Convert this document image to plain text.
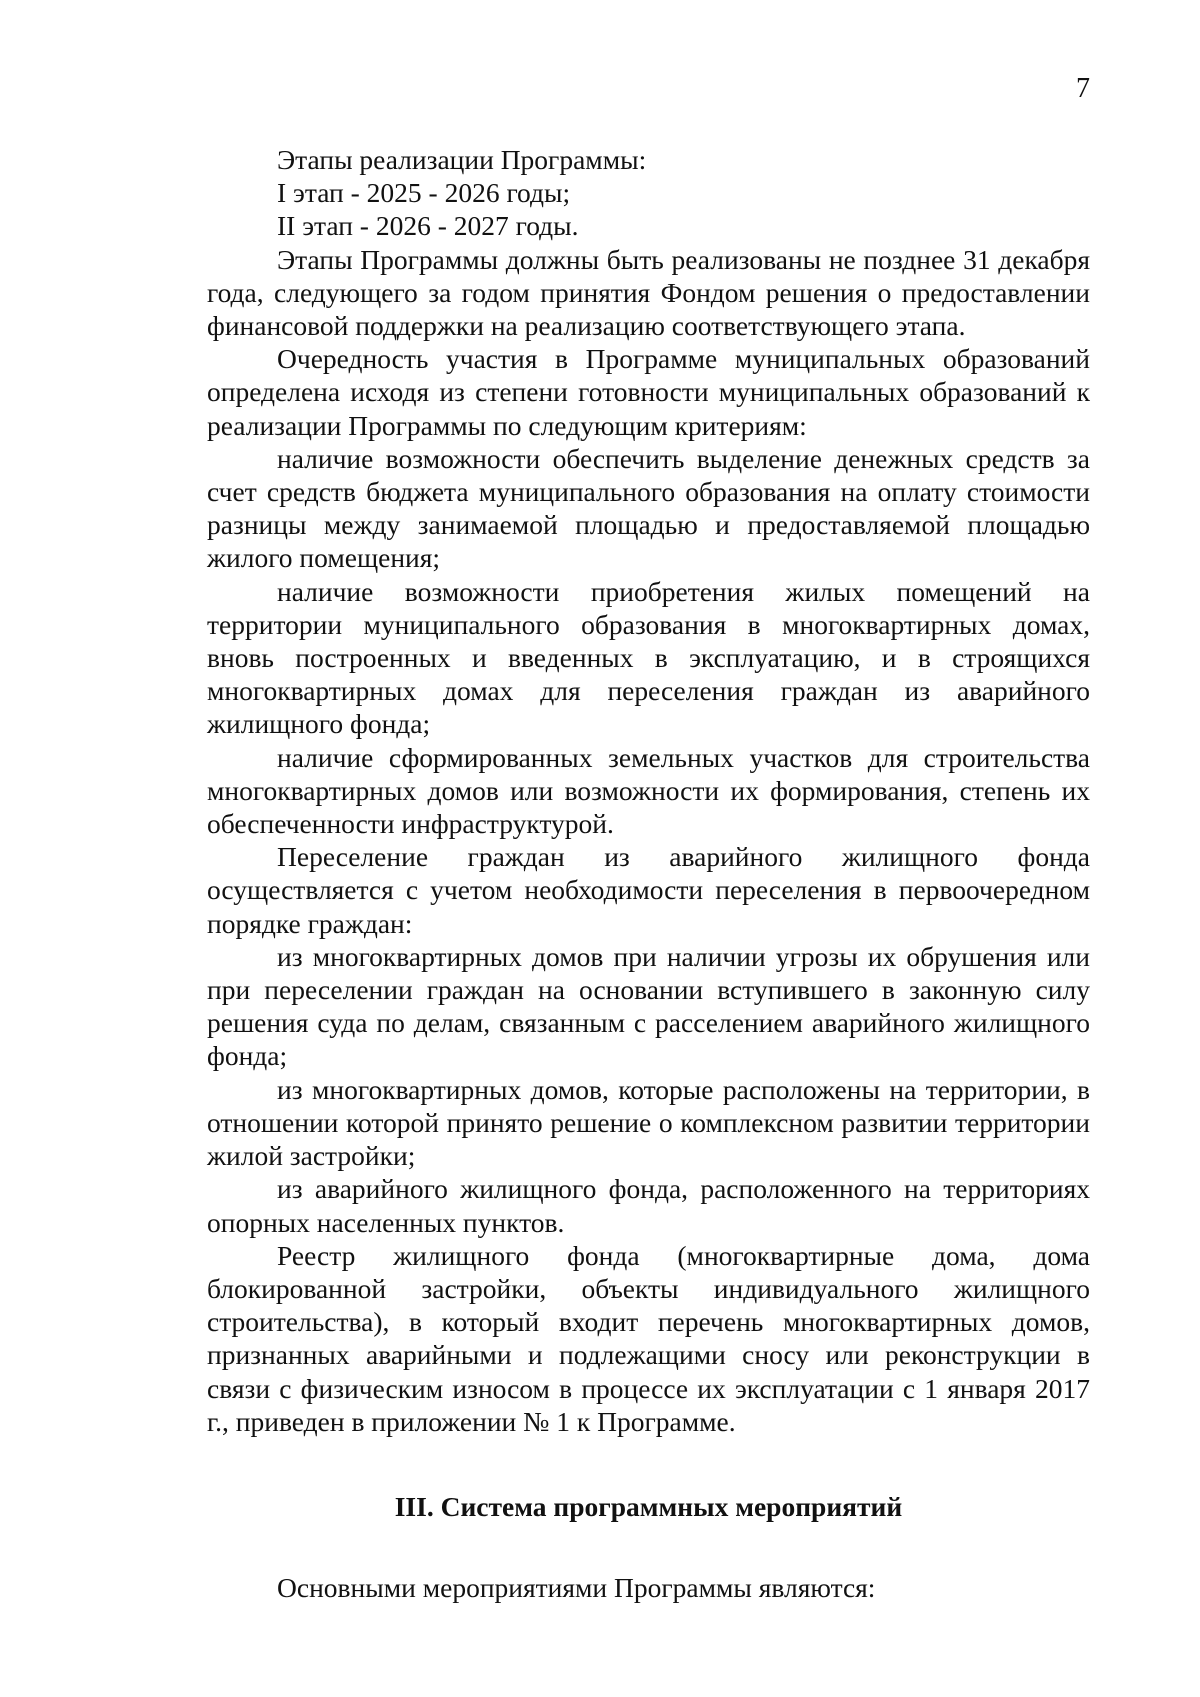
7
Этапы реализации Программы:
I этап - 2025 - 2026 годы;
II этап - 2026 - 2027 годы.

Этапы Программы должны быть реализованы не позднее 31 декабря года, следующего за годом принятия Фондом решения о предоставлении финансовой поддержки на реализацию соответствующего этапа.

Очередность участия в Программе муниципальных образований определена исходя из степени готовности муниципальных образований к реализации Программы по следующим критериям:

наличие возможности обеспечить выделение денежных средств за счет средств бюджета муниципального образования на оплату стоимости разницы между занимаемой площадью и предоставляемой площадью жилого помещения;

наличие возможности приобретения жилых помещений на территории муниципального образования в многоквартирных домах, вновь построенных и введенных в эксплуатацию, и в строящихся многоквартирных домах для переселения граждан из аварийного жилищного фонда;

наличие сформированных земельных участков для строительства многоквартирных домов или возможности их формирования, степень их обеспеченности инфраструктурой.

Переселение граждан из аварийного жилищного фонда осуществляется с учетом необходимости переселения в первоочередном порядке граждан:

из многоквартирных домов при наличии угрозы их обрушения или при переселении граждан на основании вступившего в законную силу решения суда по делам, связанным с расселением аварийного жилищного фонда;

из многоквартирных домов, которые расположены на территории, в отношении которой принято решение о комплексном развитии территории жилой застройки;

из аварийного жилищного фонда, расположенного на территориях опорных населенных пунктов.

Реестр жилищного фонда (многоквартирные дома, дома блокированной застройки, объекты индивидуального жилищного строительства), в который входит перечень многоквартирных домов, признанных аварийными и подлежащими сносу или реконструкции в связи с физическим износом в процессе их эксплуатации с 1 января 2017 г., приведен в приложении № 1 к Программе.

III. Система программных мероприятий

Основными мероприятиями Программы являются:
